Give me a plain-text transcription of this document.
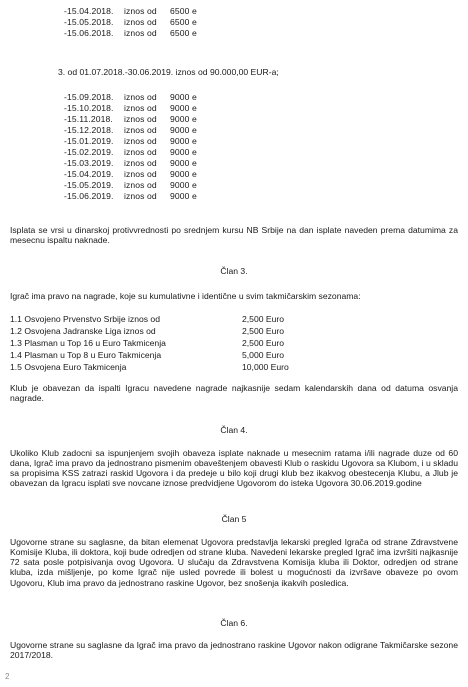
-15.04.2018. iznos od 6500 e
-15.05.2018. iznos od 6500 e
-15.06.2018. iznos od 6500 e
3. od 01.07.2018.-30.06.2019. iznos od 90.000,00 EUR-a;
-15.09.2018. iznos od 9000 e
-15.10.2018. iznos od 9000 e
-15.11.2018. iznos od 9000 e
-15.12.2018. iznos od 9000 e
-15.01.2019. iznos od 9000 e
-15.02.2019. iznos od 9000 e
-15.03.2019. iznos od 9000 e
-15.04.2019. iznos od 9000 e
-15.05.2019. iznos od 9000 e
-15.06.2019. iznos od 9000 e
Isplata se vrsi u dinarskoj protivvrednosti po srednjem kursu NB Srbije na dan isplate naveden prema datumima za mesecnu ispaltu naknade.
Član 3.
Igrač ima pravo na nagrade, koje su kumulativne i identične u svim takmičarskim sezonama:
1.1 Osvojeno Prvenstvo Srbije iznos od	2,500 Euro
1.2 Osvojena Jadranske Liga iznos od	2,500 Euro
1.3 Plasman u Top 16 u Euro Takmicenja	2,500 Euro
1.4 Plasman u Top 8 u Euro Takmicenja	5,000 Euro
1.5 Osvojena Euro Takmicenja	10,000 Euro
Klub je obavezan da ispalti Igracu navedene nagrade najkasnije sedam kalendarskih dana od datuma osvanja nagrade.
Član 4.
Ukoliko Klub zadocni sa ispunjenjem svojih obaveza isplate naknade u mesecnim ratama i/ili nagrade duze od 60 dana, Igrač ima pravo da jednostrano pismenim obaveštenjem obavesti Klub o raskidu Ugovora sa Klubom, i u skladu sa propisima KSS zatrazi raskid Ugovora i da predeje u bilo koji drugi klub bez ikakvog obestecenja Klubu, a Jlub je obavezan da Igracu isplati sve novcane iznose predvidjene Ugovorom do isteka Ugovora 30.06.2019.godine
Član 5
Ugovorne strane su saglasne, da bitan elemenat Ugovora predstavlja lekarski pregled Igrača od strane Zdravstvene Komisije Kluba, ili doktora, koji bude odredjen od strane kluba. Navedeni lekarske pregled Igrač ima izvršiti najkasnije 72 sata posle potpisivanja ovog Ugovora. U slučaju da Zdravstvena Komisija kluba ili Doktor, odredjen od strane kluba, izda mišljenje, po kome Igrač nije usled povrede ili bolest u mogućnosti da izvršave obaveze po ovom Ugovoru, Klub ima pravo da jednostrano raskine Ugovor, bez snošenja ikakvih posledica.
Član 6.
Ugovorne strane su saglasne da Igrač ima pravo da jednostrano raskine Ugovor nakon odigrane Takmičarske sezone 2017/2018.
2
